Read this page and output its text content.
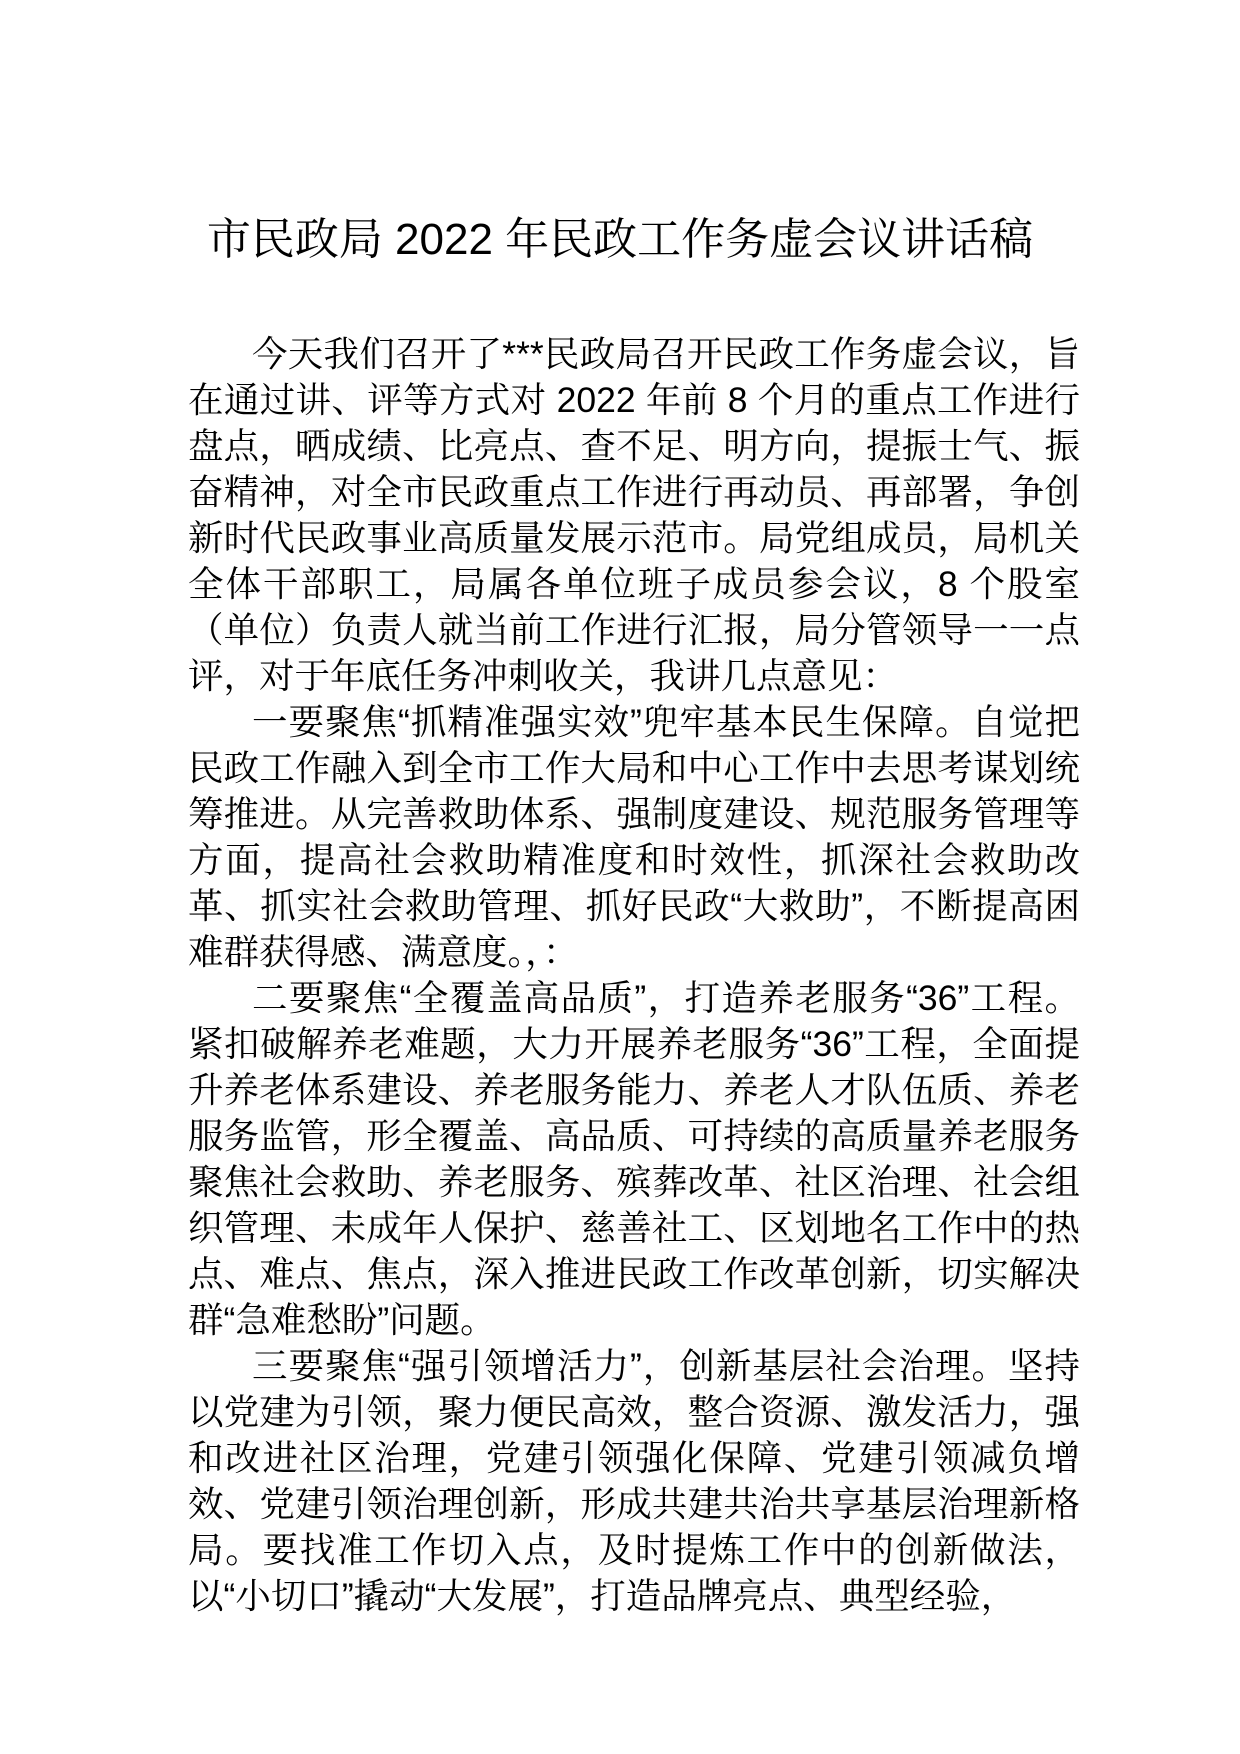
市民政局 2022 年民政工作务虚会议讲话稿

今天我们召开了***民政局召开民政工作务虚会议，旨在通过讲、评等方式对 2022 年前 8 个月的重点工作进行盘点，晒成绩、比亮点、查不足、明方向，提振士气、振奋精神，对全市民政重点工作进行再动员、再部署，争创新时代民政事业高质量发展示范市。局党组成员，局机关全体干部职工，局属各单位班子成员参会议，8 个股室（单位）负责人就当前工作进行汇报，局分管领导一一点评，对于年底任务冲刺收关，我讲几点意见：

一要聚焦“抓精准强实效”兜牢基本民生保障。自觉把民政工作融入到全市工作大局和中心工作中去思考谋划统筹推进。从完善救助体系、强制度建设、规范服务管理等方面，提高社会救助精准度和时效性，抓深社会救助改革、抓实社会救助管理、抓好民政“大救助”，不断提高困难群获得感、满意度。，：

二要聚焦“全覆盖高品质”，打造养老服务“36”工程。紧扣破解养老难题，大力开展养老服务“36”工程，全面提升养老体系建设、养老服务能力、养老人才队伍质、养老服务监管，形全覆盖、高品质、可持续的高质量养老服务聚焦社会救助、养老服务、殡葬改革、社区治理、社会组织管理、未成年人保护、慈善社工、区划地名工作中的热点、难点、焦点，深入推进民政工作改革创新，切实解决群“急难愁盼”问题。

三要聚焦“强引领增活力”，创新基层社会治理。坚持以党建为引领，聚力便民高效，整合资源、激发活力，强和改进社区治理，党建引领强化保障、党建引领减负增效、党建引领治理创新，形成共建共治共享基层治理新格局。要找准工作切入点，及时提炼工作中的创新做法，以“小切口”撬动“大发展”，打造品牌亮点、典型经验，
